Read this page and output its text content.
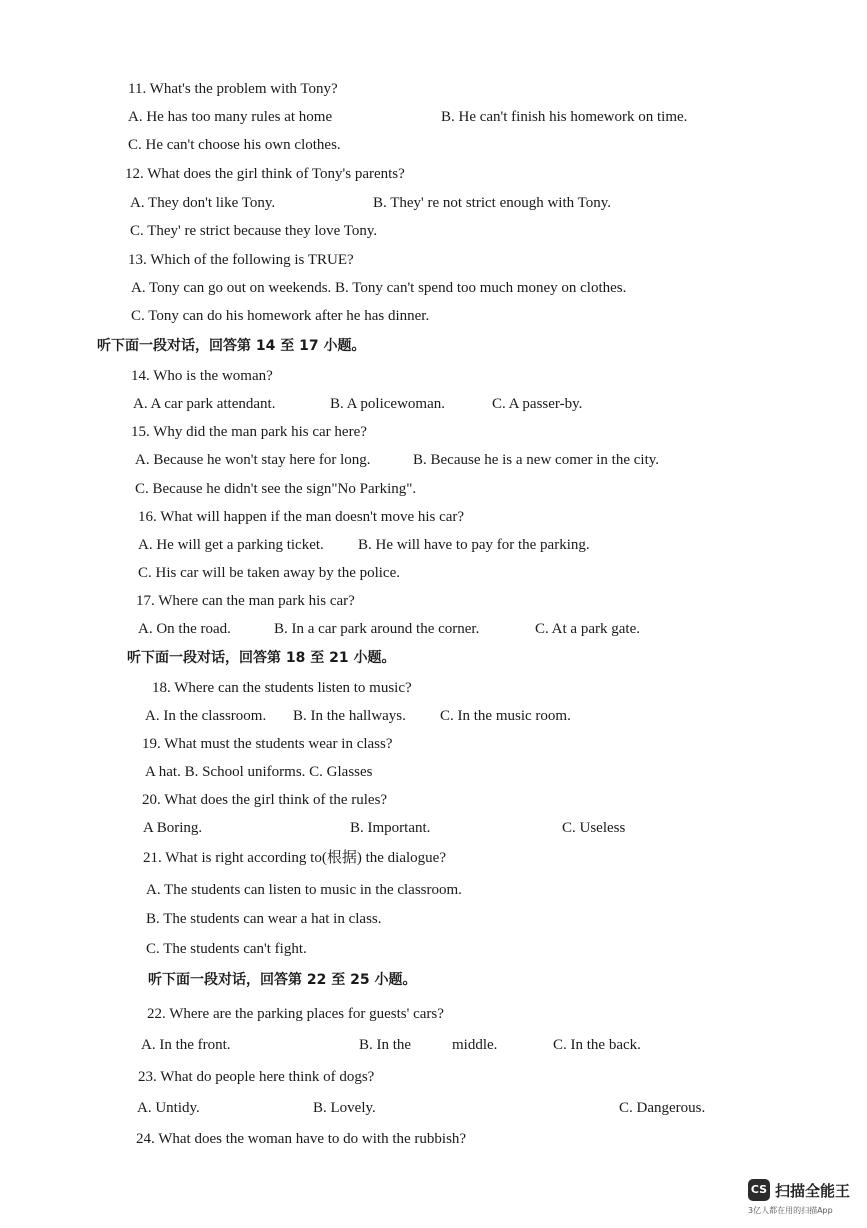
11. What's the problem with Tony?
A. He has too many rules at home	B. He can't finish his homework on time.
C. He can't choose his own clothes.
12. What does the girl think of Tony's parents?
A. They don't like Tony.	B. They' re not strict enough with Tony.
C. They' re strict because they love Tony.
13. Which of the following is TRUE?
A. Tony can go out on weekends. B. Tony can't spend too much money on clothes.
C. Tony can do his homework after he has dinner.
听下面一段对话，回答第 14 至 17 小题。
14. Who is the woman?
A. A car park attendant.	B. A policewoman.	C. A passer-by.
15. Why did the man park his car here?
A. Because he won't stay here for long.	B. Because he is a new comer in the city.
C. Because he didn't see the sign"No Parking".
16. What will happen if the man doesn't move his car?
A. He will get a parking ticket. B. He will have to pay for the parking.
C. His car will be taken away by the police.
17. Where can the man park his car?
A. On the road.	B. In a car park around the corner.	C. At a park gate.
听下面一段对话，回答第 18 至 21 小题。
18. Where can the students listen to music?
A. In the classroom. B. In the hallways. C. In the music room.
19. What must the students wear in class?
A hat. B. School uniforms. C. Glasses
20. What does the girl think of the rules?
A Boring.	B. Important.	C. Useless
21. What is right according to(根据) the dialogue?
A. The students can listen to music in the classroom.
B. The students can wear a hat in class.
C. The students can't fight.
听下面一段对话，回答第 22 至 25 小题。
22. Where are the parking places for guests' cars?
A. In the front.	B. In the	middle.	C. In the back.
23. What do people here think of dogs?
A. Untidy.	B. Lovely.	C. Dangerous.
24. What does the woman have to do with the rubbish?
CS 扫描全能王
3亿人都在用的扫描App
